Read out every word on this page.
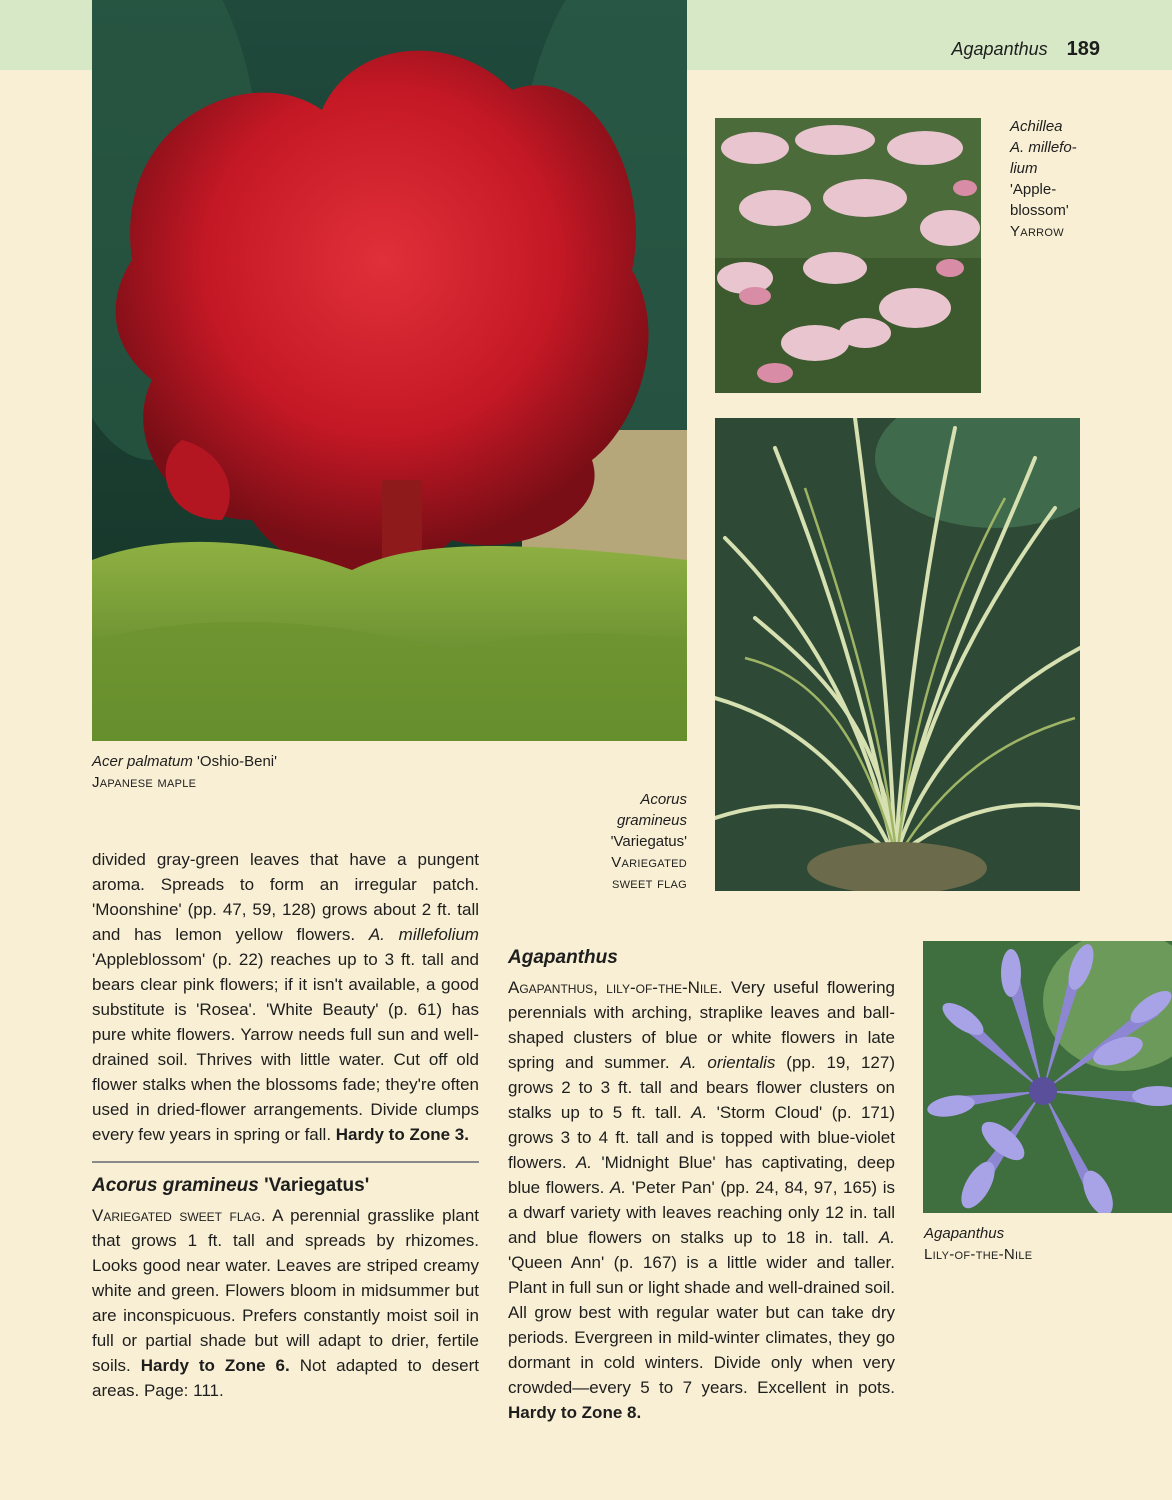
Agapanthus 189
Acer palmatum 'Oshio-Beni'
Japanese maple
Achillea
A. millefo-
lium
'Apple-
blossom'
Yarrow
Acorus
gramineus
'Variegatus'
Variegated
sweet flag
Agapanthus
Lily-of-the-Nile

divided gray-green leaves that have a pungent aroma. Spreads to form an irregular patch. 'Moonshine' (pp. 47, 59, 128) grows about 2 ft. tall and has lemon yellow flowers. A. millefolium 'Appleblossom' (p. 22) reaches up to 3 ft. tall and bears clear pink flowers; if it isn't available, a good substitute is 'Rosea'. 'White Beauty' (p. 61) has pure white flowers. Yarrow needs full sun and well-drained soil. Thrives with little water. Cut off old flower stalks when the blossoms fade; they're often used in dried-flower arrangements. Divide clumps every few years in spring or fall. Hardy to Zone 3.

Acorus gramineus 'Variegatus'

Variegated sweet flag. A perennial grasslike plant that grows 1 ft. tall and spreads by rhizomes. Looks good near water. Leaves are striped creamy white and green. Flowers bloom in midsummer but are inconspicuous. Prefers constantly moist soil in full or partial shade but will adapt to drier, fertile soils. Hardy to Zone 6. Not adapted to desert areas. Page: 111.

Agapanthus

Agapanthus, lily-of-the-Nile. Very useful flowering perennials with arching, straplike leaves and ball-shaped clusters of blue or white flowers in late spring and summer. A. orientalis (pp. 19, 127) grows 2 to 3 ft. tall and bears flower clusters on stalks up to 5 ft. tall. A. 'Storm Cloud' (p. 171) grows 3 to 4 ft. tall and is topped with blue-violet flowers. A. 'Midnight Blue' has captivating, deep blue flowers. A. 'Peter Pan' (pp. 24, 84, 97, 165) is a dwarf variety with leaves reaching only 12 in. tall and blue flowers on stalks up to 18 in. tall. A. 'Queen Ann' (p. 167) is a little wider and taller. Plant in full sun or light shade and well-drained soil. All grow best with regular water but can take dry periods. Evergreen in mild-winter climates, they go dormant in cold winters. Divide only when very crowded—every 5 to 7 years. Excellent in pots. Hardy to Zone 8.
